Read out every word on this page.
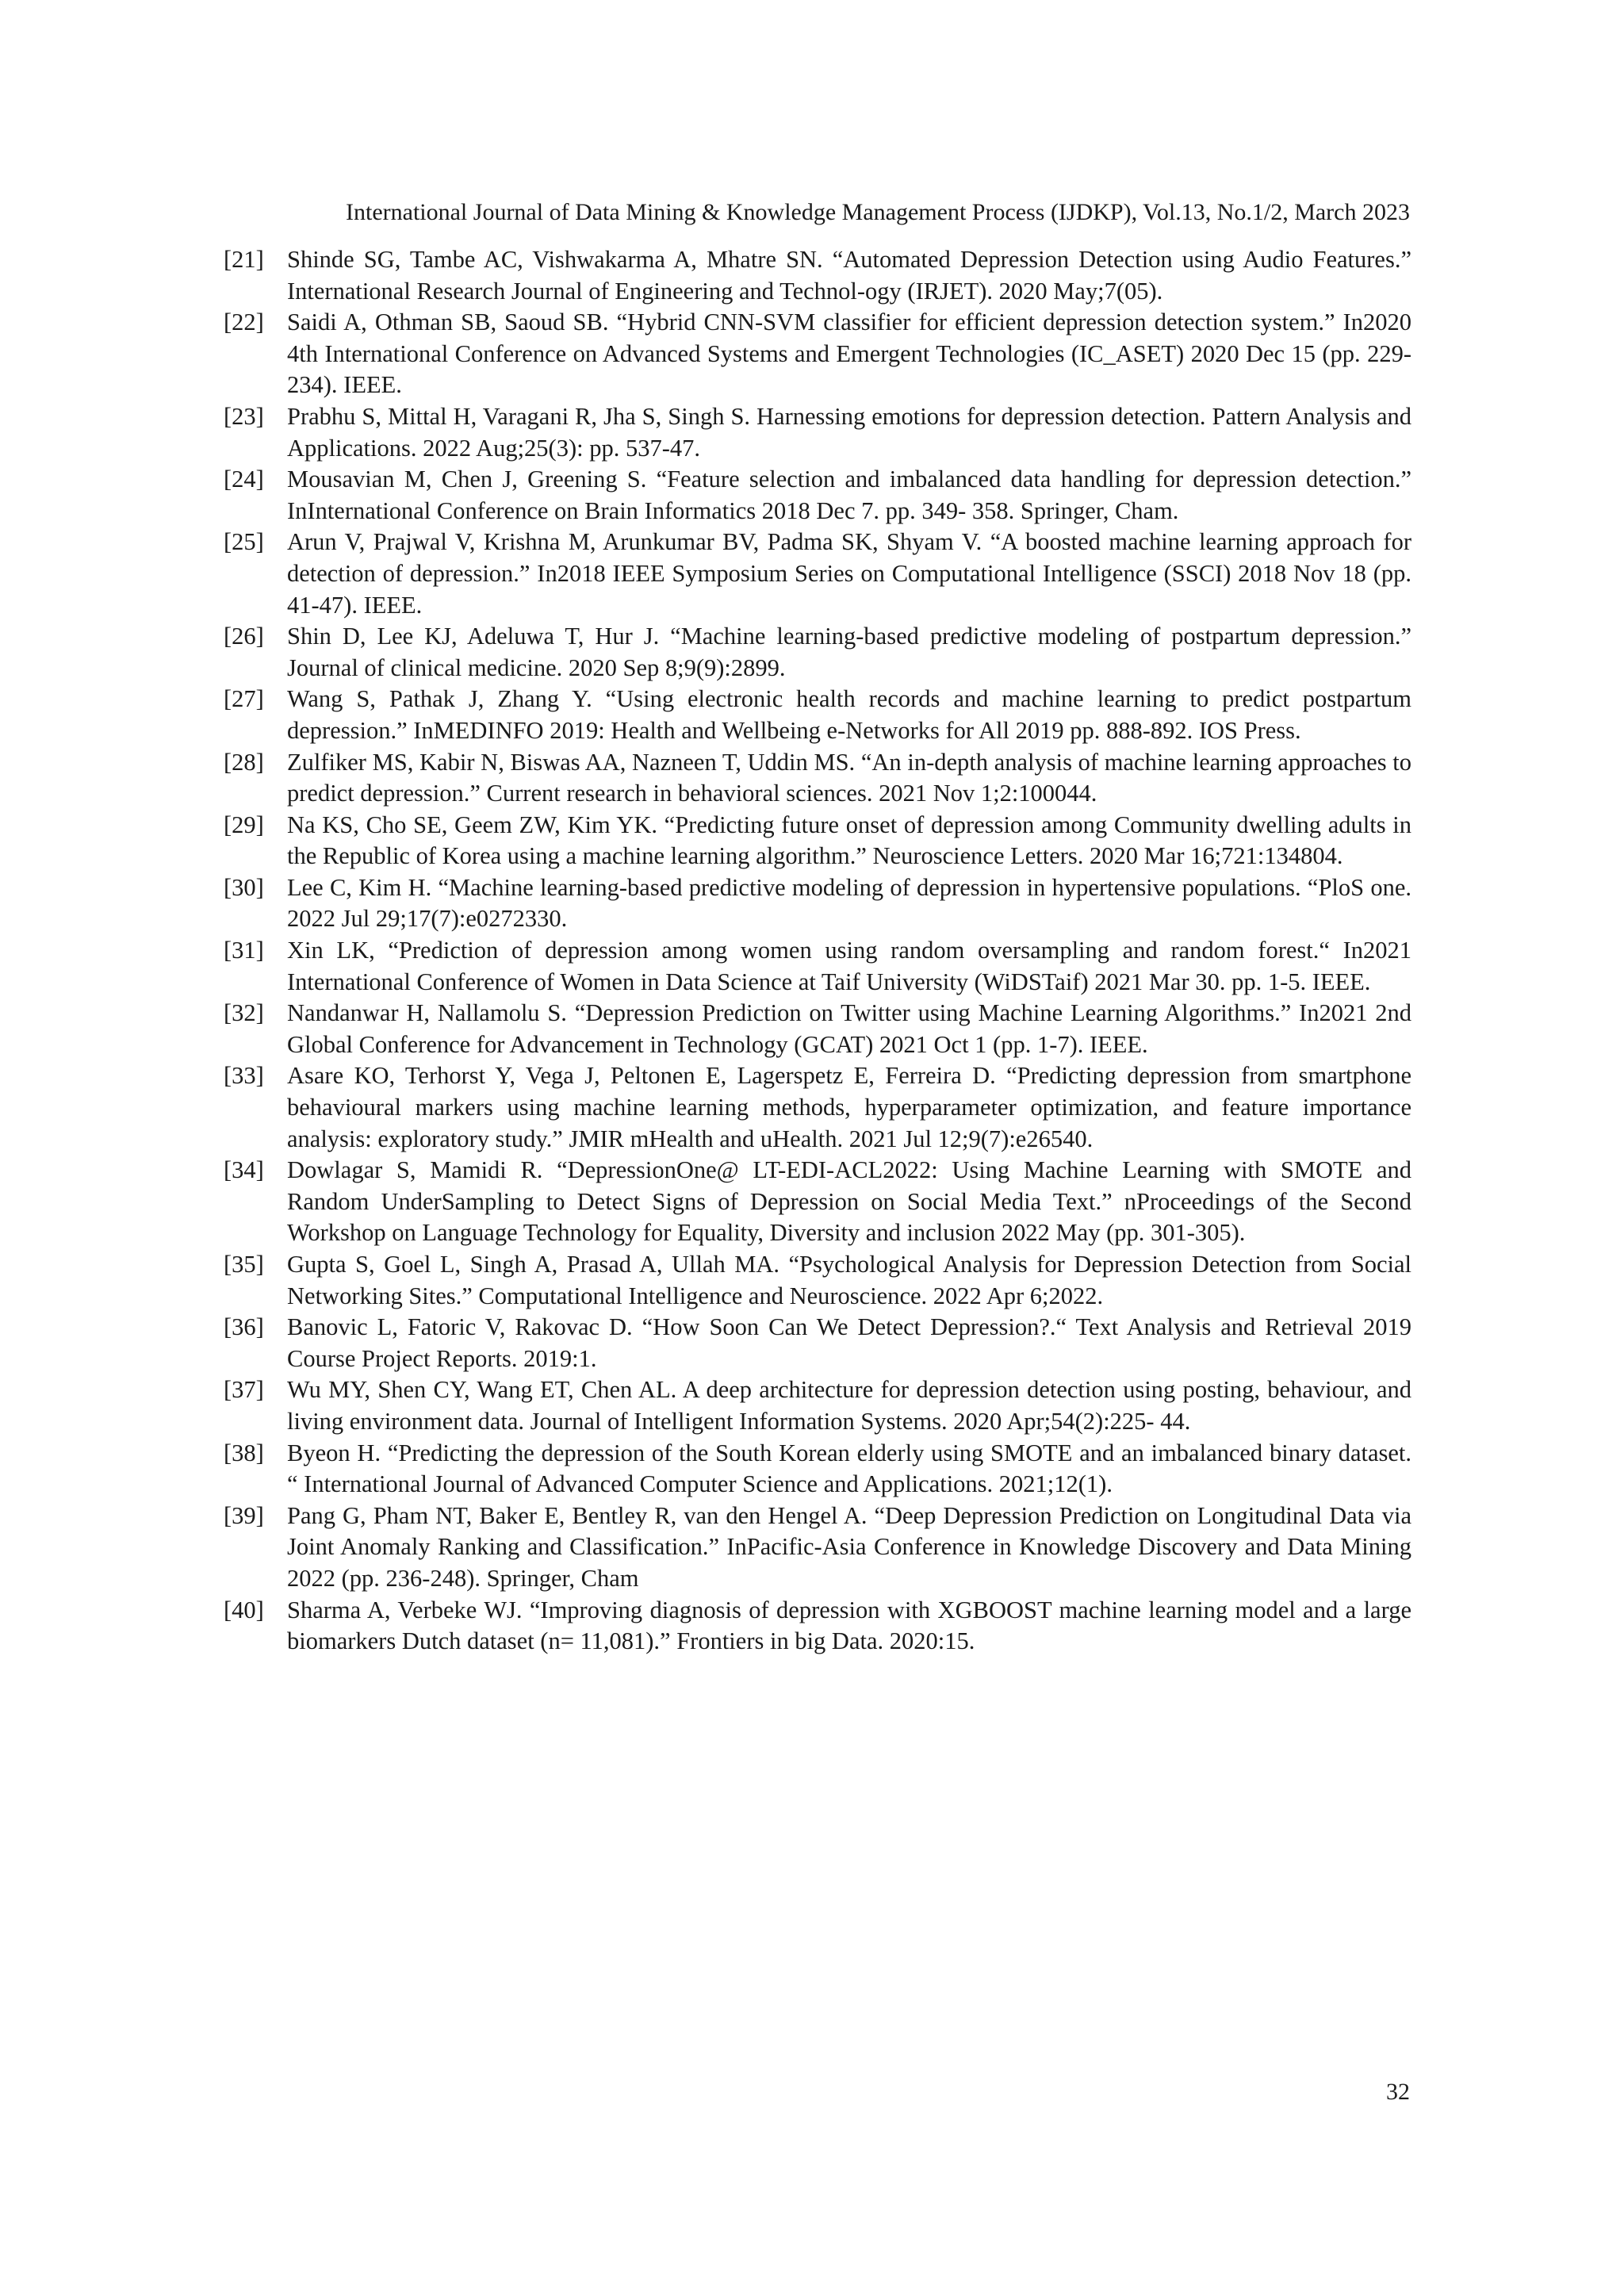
International Journal of Data Mining & Knowledge Management Process (IJDKP), Vol.13, No.1/2, March 2023
[21] Shinde SG, Tambe AC, Vishwakarma A, Mhatre SN. “Automated Depression Detection using Audio Features.” International Research Journal of Engineering and Technol-ogy (IRJET). 2020 May;7(05).
[22] Saidi A, Othman SB, Saoud SB. “Hybrid CNN-SVM classifier for efficient depression detection system.” In2020 4th International Conference on Advanced Systems and Emergent Technologies (IC_ASET) 2020 Dec 15 (pp. 229-234). IEEE.
[23] Prabhu S, Mittal H, Varagani R, Jha S, Singh S. Harnessing emotions for depression detection. Pattern Analysis and Applications. 2022 Aug;25(3): pp. 537-47.
[24] Mousavian M, Chen J, Greening S. “Feature selection and imbalanced data handling for depression detection.” InInternational Conference on Brain Informatics 2018 Dec 7. pp. 349- 358. Springer, Cham.
[25] Arun V, Prajwal V, Krishna M, Arunkumar BV, Padma SK, Shyam V. “A boosted machine learning approach for detection of depression.” In2018 IEEE Symposium Series on Computational Intelligence (SSCI) 2018 Nov 18 (pp. 41-47). IEEE.
[26] Shin D, Lee KJ, Adeluwa T, Hur J. “Machine learning-based predictive modeling of postpartum depression.” Journal of clinical medicine. 2020 Sep 8;9(9):2899.
[27] Wang S, Pathak J, Zhang Y. “Using electronic health records and machine learning to predict postpartum depression.” InMEDINFO 2019: Health and Wellbeing e-Networks for All 2019 pp. 888-892. IOS Press.
[28] Zulfiker MS, Kabir N, Biswas AA, Nazneen T, Uddin MS. “An in-depth analysis of machine learning approaches to predict depression.” Current research in behavioral sciences. 2021 Nov 1;2:100044.
[29] Na KS, Cho SE, Geem ZW, Kim YK. “Predicting future onset of depression among Community dwelling adults in the Republic of Korea using a machine learning algorithm.” Neuroscience Letters. 2020 Mar 16;721:134804.
[30] Lee C, Kim H. “Machine learning-based predictive modeling of depression in hypertensive populations. “PloS one. 2022 Jul 29;17(7):e0272330.
[31] Xin LK, “Prediction of depression among women using random oversampling and random forest.“ In2021 International Conference of Women in Data Science at Taif University (WiDSTaif) 2021 Mar 30. pp. 1-5. IEEE.
[32] Nandanwar H, Nallamolu S. “Depression Prediction on Twitter using Machine Learning Algorithms.” In2021 2nd Global Conference for Advancement in Technology (GCAT) 2021 Oct 1 (pp. 1-7). IEEE.
[33] Asare KO, Terhorst Y, Vega J, Peltonen E, Lagerspetz E, Ferreira D. “Predicting depression from smartphone behavioural markers using machine learning methods, hyperparameter optimization, and feature importance analysis: exploratory study.” JMIR mHealth and uHealth. 2021 Jul 12;9(7):e26540.
[34] Dowlagar S, Mamidi R. “DepressionOne@ LT-EDI-ACL2022: Using Machine Learning with SMOTE and Random UnderSampling to Detect Signs of Depression on Social Media Text.” nProceedings of the Second Workshop on Language Technology for Equality, Diversity and inclusion 2022 May (pp. 301-305).
[35] Gupta S, Goel L, Singh A, Prasad A, Ullah MA. “Psychological Analysis for Depression Detection from Social Networking Sites.” Computational Intelligence and Neuroscience. 2022 Apr 6;2022.
[36] Banovic L, Fatoric V, Rakovac D. “How Soon Can We Detect Depression?.“ Text Analysis and Retrieval 2019 Course Project Reports. 2019:1.
[37] Wu MY, Shen CY, Wang ET, Chen AL. A deep architecture for depression detection using posting, behaviour, and living environment data. Journal of Intelligent Information Systems. 2020 Apr;54(2):225- 44.
[38] Byeon H. “Predicting the depression of the South Korean elderly using SMOTE and an imbalanced binary dataset. “ International Journal of Advanced Computer Science and Applications. 2021;12(1).
[39] Pang G, Pham NT, Baker E, Bentley R, van den Hengel A. “Deep Depression Prediction on Longitudinal Data via Joint Anomaly Ranking and Classification.” InPacific-Asia Conference in Knowledge Discovery and Data Mining 2022 (pp. 236-248). Springer, Cham
[40] Sharma A, Verbeke WJ. “Improving diagnosis of depression with XGBOOST machine learning model and a large biomarkers Dutch dataset (n= 11,081).” Frontiers in big Data. 2020:15.
32
